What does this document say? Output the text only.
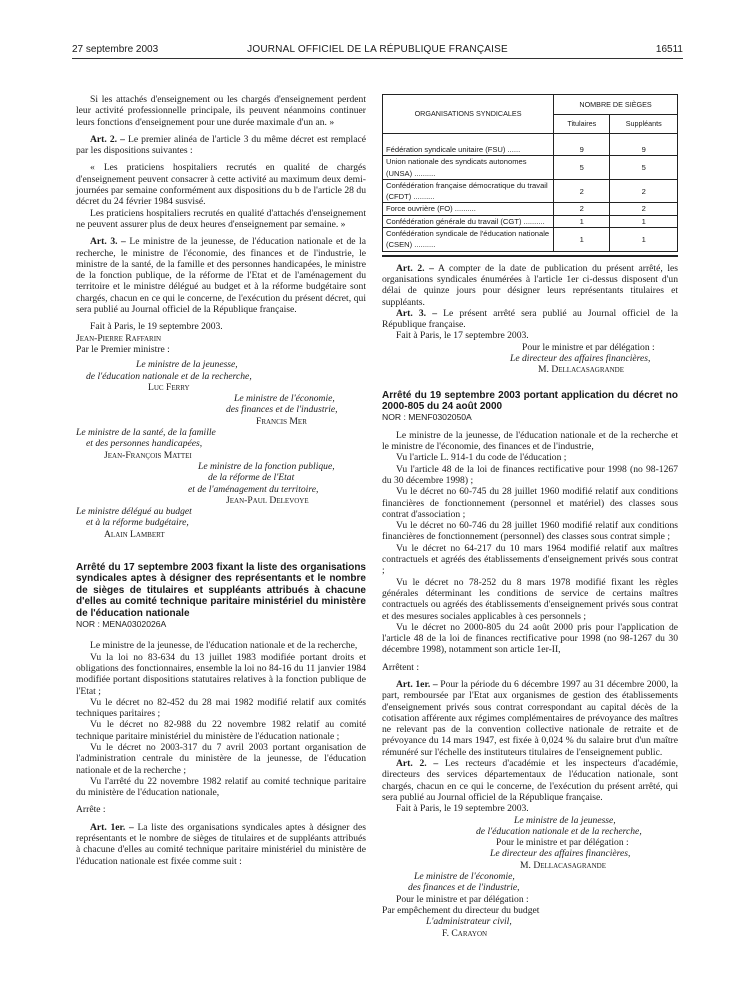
27 septembre 2003	JOURNAL OFFICIEL DE LA RÉPUBLIQUE FRANÇAISE	16511

Si les attachés d'enseignement ou les chargés d'enseignement perdent leur activité professionnelle principale, ils peuvent néanmoins continuer leurs fonctions d'enseignement pour une durée maximale d'un an. »

Art. 2. – Le premier alinéa de l'article 3 du même décret est remplacé par les dispositions suivantes :

« Les praticiens hospitaliers recrutés en qualité de chargés d'enseignement peuvent consacrer à cette activité au maximum deux demi-journées par semaine conformément aux dispositions du b de l'article 28 du décret du 24 février 1984 susvisé.

Les praticiens hospitaliers recrutés en qualité d'attachés d'enseignement ne peuvent assurer plus de deux heures d'enseignement par semaine. »

Art. 3. – Le ministre de la jeunesse, de l'éducation nationale et de la recherche, le ministre de l'économie, des finances et de l'industrie, le ministre de la santé, de la famille et des personnes handicapées, le ministre de la fonction publique, de la réforme de l'Etat et de l'aménagement du territoire et le ministre délégué au budget et à la réforme budgétaire sont chargés, chacun en ce qui le concerne, de l'exécution du présent décret, qui sera publié au Journal officiel de la République française.

Fait à Paris, le 19 septembre 2003.

Jean-Pierre Raffarin

Par le Premier ministre :

Le ministre de la jeunesse,

de l'éducation nationale et de la recherche,

Luc Ferry

Le ministre de l'économie,

des finances et de l'industrie,

Francis Mer

Le ministre de la santé, de la famille

et des personnes handicapées,

Jean-François Mattei

Le ministre de la fonction publique,

de la réforme de l'Etat

et de l'aménagement du territoire,

Jean-Paul Delevoye

Le ministre délégué au budget

et à la réforme budgétaire,

Alain Lambert

Arrêté du 17 septembre 2003 fixant la liste des organisations syndicales aptes à désigner des représentants et le nombre de sièges de titulaires et suppléants attribués à chacune d'elles au comité technique paritaire ministériel du ministère de l'éducation nationale

NOR : MENA0302026A

Le ministre de la jeunesse, de l'éducation nationale et de la recherche,

Vu la loi no 83-634 du 13 juillet 1983 modifiée portant droits et obligations des fonctionnaires, ensemble la loi no 84-16 du 11 janvier 1984 modifiée portant dispositions statutaires relatives à la fonction publique de l'Etat ;

Vu le décret no 82-452 du 28 mai 1982 modifié relatif aux comités techniques paritaires ;

Vu le décret no 82-988 du 22 novembre 1982 relatif au comité technique paritaire ministériel du ministère de l'éducation nationale ;

Vu le décret no 2003-317 du 7 avril 2003 portant organisation de l'administration centrale du ministère de la jeunesse, de l'éducation nationale et de la recherche ;

Vu l'arrêté du 22 novembre 1982 relatif au comité technique paritaire du ministère de l'éducation nationale,

Arrête :

Art. 1er. – La liste des organisations syndicales aptes à désigner des représentants et le nombre de sièges de titulaires et de suppléants attribués à chacune d'elles au comité technique paritaire ministériel du ministère de l'éducation nationale est fixée comme suit :

ORGANISATIONS SYNDICALES	NOMBRE DE SIÈGES	
	Titulaires	Suppléants
Fédération syndicale unitaire (FSU) ......	9	9
Union nationale des syndicats autonomes (UNSA) ..........	5	5
Confédération française démocratique du travail (CFDT) ..........	2	2
Force ouvrière (FO) ..........	2	2
Confédération générale du travail (CGT) ..........	1	1
Confédération syndicale de l'éducation nationale (CSEN) ..........	1	1

Art. 2. – A compter de la date de publication du présent arrêté, les organisations syndicales énumérées à l'article 1er ci-dessus disposent d'un délai de quinze jours pour désigner leurs représentants titulaires et suppléants.

Art. 3. – Le présent arrêté sera publié au Journal officiel de la République française.

Fait à Paris, le 17 septembre 2003.

Pour le ministre et par délégation :

Le directeur des affaires financières,

M. Dellacasagrande

Arrêté du 19 septembre 2003 portant application du décret no 2000-805 du 24 août 2000

NOR : MENF0302050A

Le ministre de la jeunesse, de l'éducation nationale et de la recherche et le ministre de l'économie, des finances et de l'industrie,

Vu l'article L. 914-1 du code de l'éducation ;

Vu l'article 48 de la loi de finances rectificative pour 1998 (no 98-1267 du 30 décembre 1998) ;

Vu le décret no 60-745 du 28 juillet 1960 modifié relatif aux conditions financières de fonctionnement (personnel et matériel) des classes sous contrat d'association ;

Vu le décret no 60-746 du 28 juillet 1960 modifié relatif aux conditions financières de fonctionnement (personnel) des classes sous contrat simple ;

Vu le décret no 64-217 du 10 mars 1964 modifié relatif aux maîtres contractuels et agréés des établissements d'enseignement privés sous contrat ;

Vu le décret no 78-252 du 8 mars 1978 modifié fixant les règles générales déterminant les conditions de service de certains maîtres contractuels ou agréés des établissements d'enseignement privés sous contrat et des mesures sociales applicables à ces personnels ;

Vu le décret no 2000-805 du 24 août 2000 pris pour l'application de l'article 48 de la loi de finances rectificative pour 1998 (no 98-1267 du 30 décembre 1998), notamment son article 1er-II,

Arrêtent :

Art. 1er. – Pour la période du 6 décembre 1997 au 31 décembre 2000, la part, remboursée par l'Etat aux organismes de gestion des établissements d'enseignement privés sous contrat correspondant au capital décès de la cotisation afférente aux régimes complémentaires de prévoyance des maîtres ne relevant pas de la convention collective nationale de retraite et de prévoyance du 14 mars 1947, est fixée à 0,024 % du salaire brut d'un maître rémunéré sur l'échelle des instituteurs titulaires de l'enseignement public.

Art. 2. – Les recteurs d'académie et les inspecteurs d'académie, directeurs des services départementaux de l'éducation nationale, sont chargés, chacun en ce qui le concerne, de l'exécution du présent arrêté, qui sera publié au Journal officiel de la République française.

Fait à Paris, le 19 septembre 2003.

Le ministre de la jeunesse,

de l'éducation nationale et de la recherche,

Pour le ministre et par délégation :

Le directeur des affaires financières,

M. Dellacasagrande

Le ministre de l'économie,

des finances et de l'industrie,

Pour le ministre et par délégation :

Par empêchement du directeur du budget

L'administrateur civil,

F. Carayon
